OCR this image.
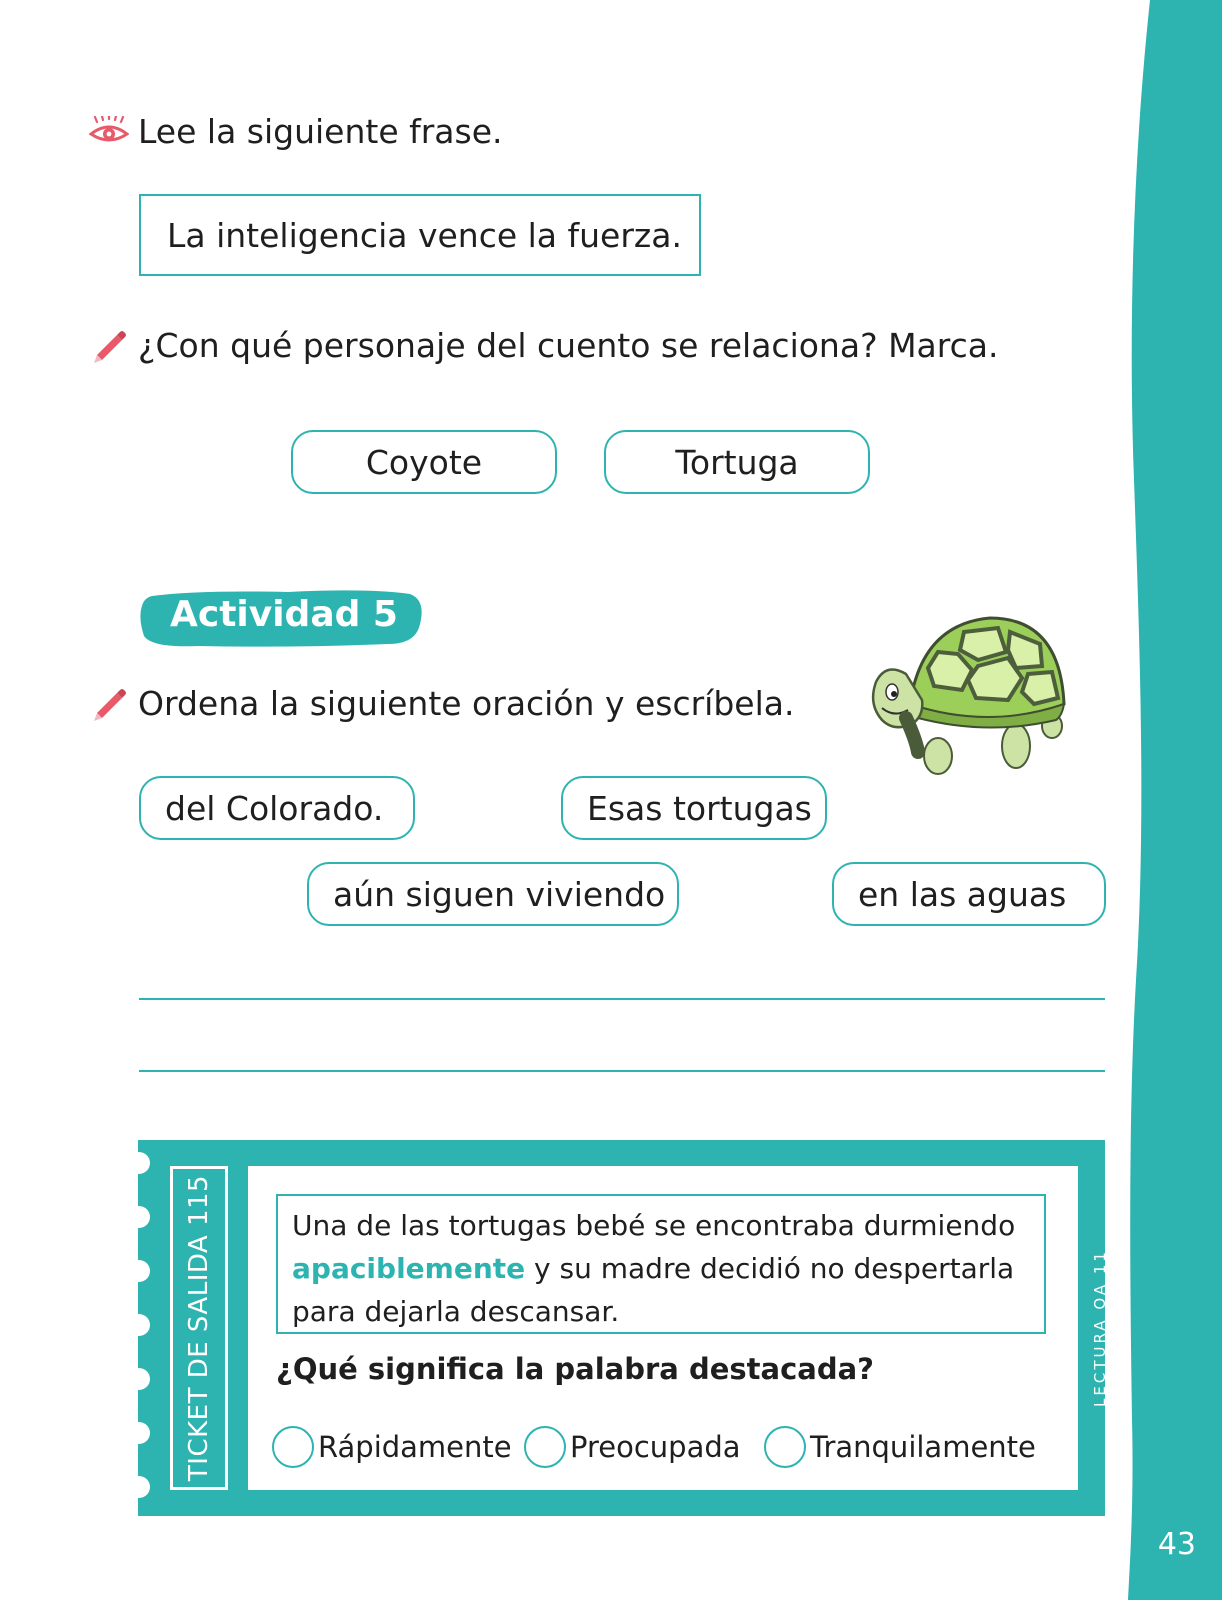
43
Lee la siguiente frase.
La inteligencia vence la fuerza.
¿Con qué personaje del cuento se relaciona? Marca.
Coyote	Tortuga
Actividad 5
Ordena la siguiente oración y escríbela.
del Colorado.	Esas tortugas
aún siguen viviendo	en las aguas
TICKET DE SALIDA 115	Una de las tortugas bebé se encontraba durmiendo
apaciblemente y su madre decidió no despertarla para dejarla descansar.
¿Qué significa la palabra destacada?
Rápidamente Preocupada Tranquilamente
LECTURA OA 11
